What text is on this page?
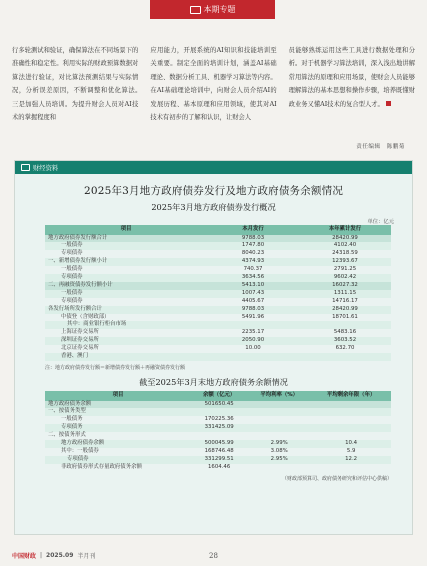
本期专题
行多轮测试和验证，确保算法在不同场景下的准确性和稳定性。利用实际的财政预算数据对算法进行验证，对比算法预测结果与实际情况，分析误差原因，不断调整和优化算法。　三是加强人员培训。为提升财会人员对AI技术的掌握程度和
应用能力，开展系统的AI知识和技能培训至关重要。制定全面的培训计划，涵盖AI基础理论、数据分析工具、机器学习算法等内容。在AI基础理论培训中，向财会人员介绍AI的发展历程、基本原理和应用领域，使其对AI技术有初步的了解和认识，让财会人
员能够熟练运用这些工具进行数据处理和分析。对于机器学习算法培训，深入浅出地讲解常用算法的原理和应用场景，使财会人员能够理解算法的基本思想和操作步骤，培养既懂财政业务又懂AI技术的复合型人才。
责任编辑　陈鹏菊
财经资料
2025年3月地方政府债券发行及地方政府债务余额情况
2025年3月地方政府债券发行概况
单位：亿元
项目	本月发行	本年累计发行
地方政府债券发行额合计	9788.03	28420.99
一般债券	1747.80	4102.40
专项债券	8040.23	24318.59
一、新增债券发行额小计	4374.93	12393.67
一般债券	740.37	2791.25
专项债券	3634.56	9602.42
二、再融资债券发行额小计	5413.10	16027.32
一般债券	1007.43	1311.15
专项债券	4405.67	14716.17
各发行场所发行额合计	9788.03	28420.99
中债登（含财政部）	5491.96	18701.61
其中：商业银行柜台市场		
上海证券交易所	2235.17	5483.16
深圳证券交易所	2050.90	3603.52
北京证券交易所	10.00	632.70
香港、澳门		
注：地方政府债券发行额＝新增债券发行额＋再融资债券发行额
截至2025年3月末地方政府债务余额情况
项目	余额（亿元）	平均利率（%）	平均剩余年限（年）
地方政府债务余额	501650.45		
一、按债务类型			
一般债务	170225.36		
专项债务	331425.09		
二、按债务形式			
地方政府债券余额	500045.99	2.99%	10.4
其中：一般债券	168746.48	3.08%	5.9
专项债券	331299.51	2.95%	12.2
非政府债券形式存量政府债务余额	1604.46		
（财政部预算司、政府债务研究和评估中心供稿）
中国财政 | 2025.09 半月刊	28
